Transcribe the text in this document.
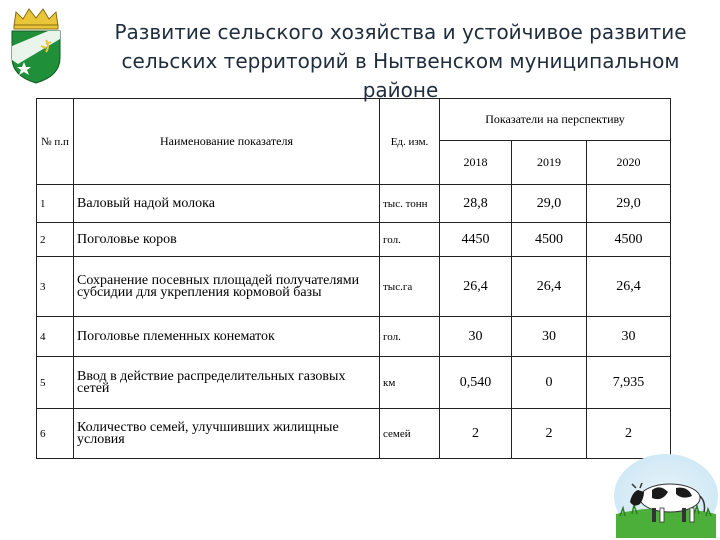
Развитие сельского хозяйства и устойчивое развитие
сельских территорий в Нытвенском муниципальном районе
№ п.п	Наименование показателя	Ед. изм.	Показатели на перспективу		
			2018	2019	2020
1	Валовый надой молока	тыс. тонн	28,8	29,0	29,0
2	Поголовье коров	гол.	4450	4500	4500
3	Сохранение посевных площадей получателями субсидии для укрепления кормовой базы	тыс.га	26,4	26,4	26,4
4	Поголовье племенных конематок	гол.	30	30	30
5	Ввод в действие распределительных газовых сетей	км	0,540	0	7,935
6	Количество семей, улучшивших жилищные условия	семей	2	2	2
